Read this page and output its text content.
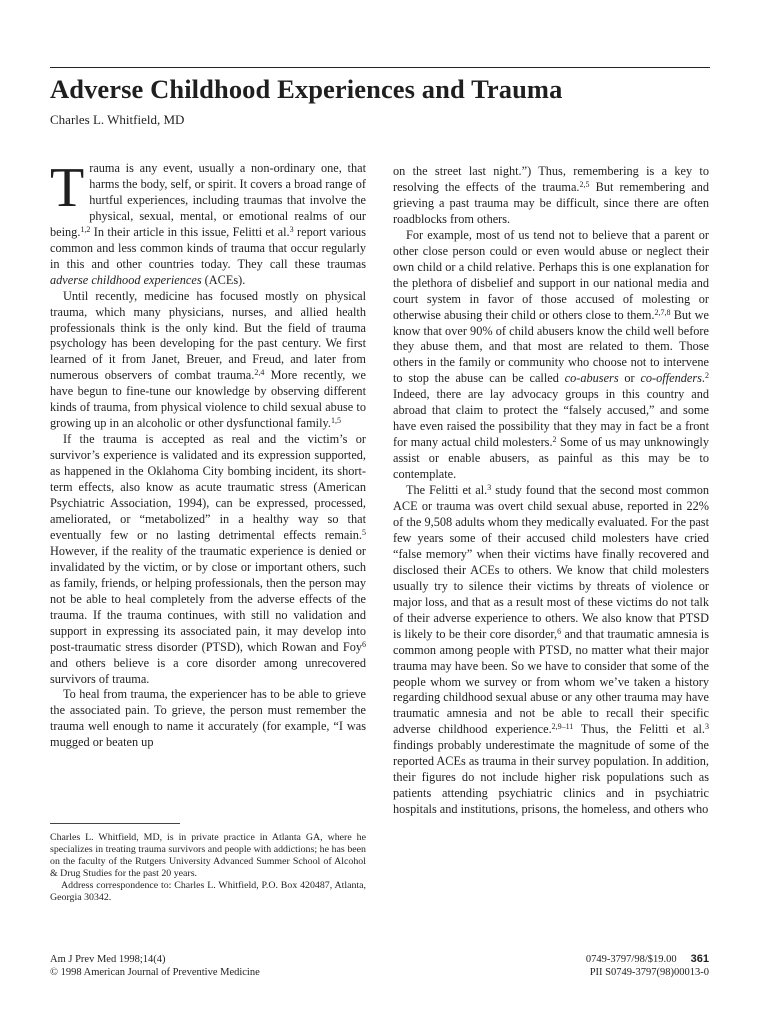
Adverse Childhood Experiences and Trauma
Charles L. Whitfield, MD

Trauma is any event, usually a non-ordinary one, that harms the body, self, or spirit. It covers a broad range of hurtful experiences, including traumas that involve the physical, sexual, mental, or emotional realms of our being.$^{1,2}$ In their article in this issue, Felitti et al.$^3$ report various common and less common kinds of trauma that occur regularly in this and other countries today. They call these traumas adverse childhood experiences (ACEs).

Until recently, medicine has focused mostly on physical trauma, which many physicians, nurses, and allied health professionals think is the only kind. But the field of trauma psychology has been developing for the past century. We first learned of it from Janet, Breuer, and Freud, and later from numerous observers of combat trauma.$^{2,4}$ More recently, we have begun to fine-tune our knowledge by observing different kinds of trauma, from physical violence to child sexual abuse to growing up in an alcoholic or other dysfunctional family.$^{1,5}$

If the trauma is accepted as real and the victim’s or survivor’s experience is validated and its expression supported, as happened in the Oklahoma City bombing incident, its short-term effects, also know as acute traumatic stress (American Psychiatric Association, 1994), can be expressed, processed, ameliorated, or “metabolized” in a healthy way so that eventually few or no lasting detrimental effects remain.$^5$ However, if the reality of the traumatic experience is denied or invalidated by the victim, or by close or important others, such as family, friends, or helping professionals, then the person may not be able to heal completely from the adverse effects of the trauma. If the trauma continues, with still no validation and support in expressing its associated pain, it may develop into post-traumatic stress disorder (PTSD), which Rowan and Foy$^6$ and others believe is a core disorder among unrecovered survivors of trauma.

To heal from trauma, the experiencer has to be able to grieve the associated pain. To grieve, the person must remember the trauma well enough to name it accurately (for example, “I was mugged or beaten up

on the street last night.”) Thus, remembering is a key to resolving the effects of the trauma.$^{2,5}$ But remembering and grieving a past trauma may be difficult, since there are often roadblocks from others.

For example, most of us tend not to believe that a parent or other close person could or even would abuse or neglect their own child or a child relative. Perhaps this is one explanation for the plethora of disbelief and support in our national media and court system in favor of those accused of molesting or otherwise abusing their child or others close to them.$^{2,7,8}$ But we know that over 90% of child abusers know the child well before they abuse them, and that most are related to them. Those others in the family or community who choose not to intervene to stop the abuse can be called co-abusers or co-offenders.$^2$ Indeed, there are lay advocacy groups in this country and abroad that claim to protect the “falsely accused,” and some have even raised the possibility that they may in fact be a front for many actual child molesters.$^2$ Some of us may unknowingly assist or enable abusers, as painful as this may be to contemplate.

The Felitti et al.$^3$ study found that the second most common ACE or trauma was overt child sexual abuse, reported in 22% of the 9,508 adults whom they medically evaluated. For the past few years some of their accused child molesters have cried “false memory” when their victims have finally recovered and disclosed their ACEs to others. We know that child molesters usually try to silence their victims by threats of violence or major loss, and that as a result most of these victims do not talk of their adverse experience to others. We also know that PTSD is likely to be their core disorder,$^6$ and that traumatic amnesia is common among people with PTSD, no matter what their major trauma may have been. So we have to consider that some of the people whom we survey or from whom we’ve taken a history regarding childhood sexual abuse or any other trauma may have traumatic amnesia and not be able to recall their specific adverse childhood experience.$^{2,9-11}$ Thus, the Felitti et al.$^3$ findings probably underestimate the magnitude of some of the reported ACEs as trauma in their survey population. In addition, their figures do not include higher risk populations such as patients attending psychiatric clinics and in psychiatric hospitals and institutions, prisons, the homeless, and others who

Charles L. Whitfield, MD, is in private practice in Atlanta GA, where he specializes in treating trauma survivors and people with addictions; he has been on the faculty of the Rutgers University Advanced Summer School of Alcohol & Drug Studies for the past 20 years.

Address correspondence to: Charles L. Whitfield, P.O. Box 420487, Atlanta, Georgia 30342.

Am J Prev Med 1998;14(4)
© 1998 American Journal of Preventive Medicine
0749-3797/98/$19.00 361
PII S0749-3797(98)00013-0
